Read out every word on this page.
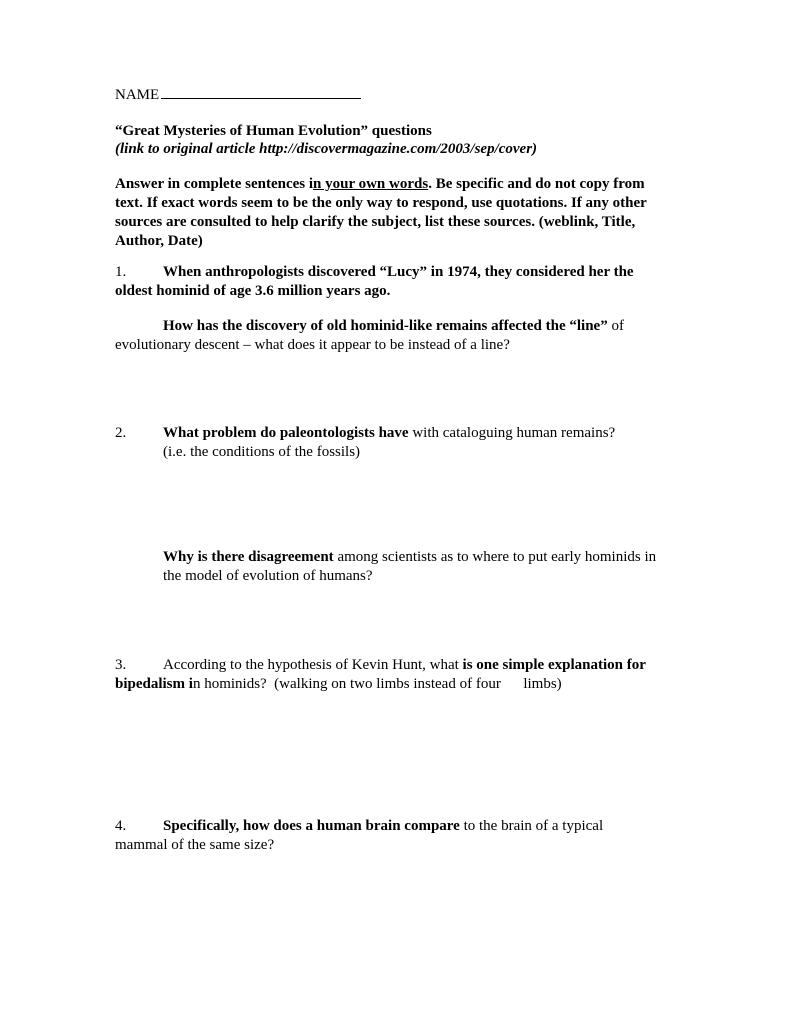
NAME
“Great Mysteries of Human Evolution” questions
(link to original article http://discovermagazine.com/2003/sep/cover)
Answer in complete sentences in your own words. Be specific and do not copy from
text. If exact words seem to be the only way to respond, use quotations. If any other
sources are consulted to help clarify the subject, list these sources. (weblink, Title,
Author, Date)
1. When anthropologists discovered “Lucy” in 1974, they considered her the
oldest hominid of age 3.6 million years ago.
How has the discovery of old hominid-like remains affected the “line” of
evolutionary descent – what does it appear to be instead of a line?
2. What problem do paleontologists have with cataloguing human remains?
(i.e. the conditions of the fossils)
Why is there disagreement among scientists as to where to put early hominids in
the model of evolution of humans?
3. According to the hypothesis of Kevin Hunt, what is one simple explanation for
bipedalism in hominids?  (walking on two limbs instead of four      limbs)
4. Specifically, how does a human brain compare to the brain of a typical
mammal of the same size?
